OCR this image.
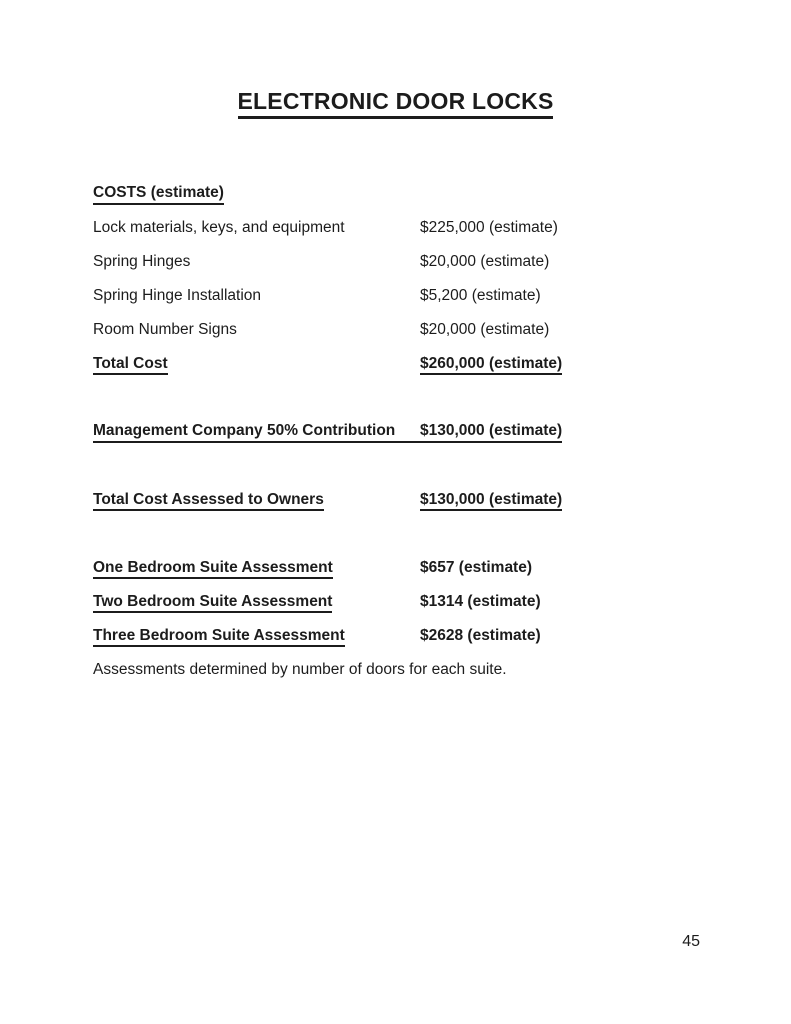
ELECTRONIC DOOR LOCKS
COSTS (estimate)
Lock materials, keys, and equipment	$225,000 (estimate)
Spring Hinges	$20,000 (estimate)
Spring Hinge Installation	$5,200 (estimate)
Room Number Signs	$20,000 (estimate)
Total Cost	$260,000 (estimate)
Management Company 50% Contribution $130,000 (estimate)
Total Cost Assessed to Owners	$130,000 (estimate)
One Bedroom Suite Assessment	$657 (estimate)
Two Bedroom Suite Assessment	$1314 (estimate)
Three Bedroom Suite Assessment	$2628 (estimate)
Assessments determined by number of doors for each suite.
45
